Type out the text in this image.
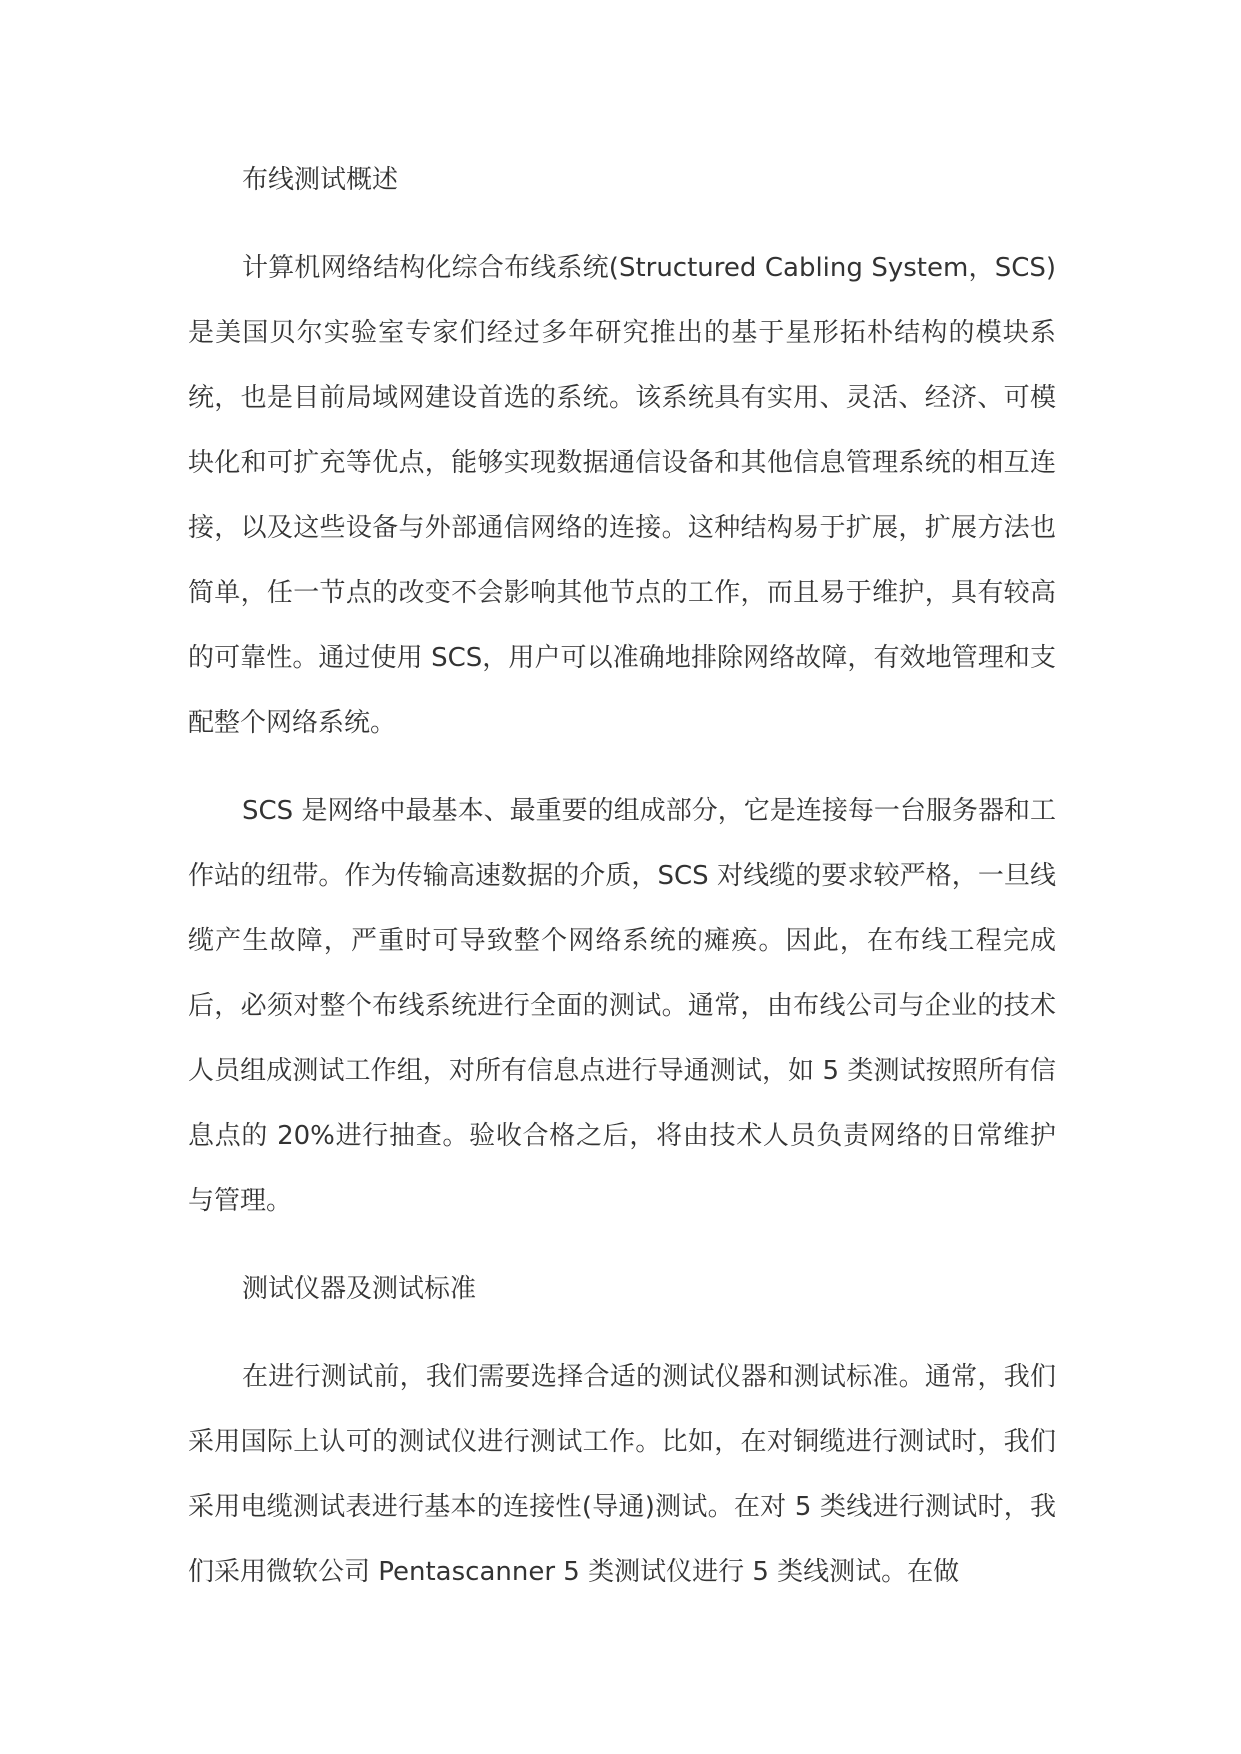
布线测试概述

计算机网络结构化综合布线系统(Structured Cabling System，SCS)是美国贝尔实验室专家们经过多年研究推出的基于星形拓朴结构的模块系统，也是目前局域网建设首选的系统。该系统具有实用、灵活、经济、可模块化和可扩充等优点，能够实现数据通信设备和其他信息管理系统的相互连接，以及这些设备与外部通信网络的连接。这种结构易于扩展，扩展方法也简单，任一节点的改变不会影响其他节点的工作，而且易于维护，具有较高的可靠性。通过使用 SCS，用户可以准确地排除网络故障，有效地管理和支配整个网络系统。

SCS 是网络中最基本、最重要的组成部分，它是连接每一台服务器和工作站的纽带。作为传输高速数据的介质，SCS 对线缆的要求较严格，一旦线缆产生故障，严重时可导致整个网络系统的瘫痪。因此，在布线工程完成后，必须对整个布线系统进行全面的测试。通常，由布线公司与企业的技术人员组成测试工作组，对所有信息点进行导通测试，如 5 类测试按照所有信息点的 20%进行抽查。验收合格之后，将由技术人员负责网络的日常维护与管理。

测试仪器及测试标准

在进行测试前，我们需要选择合适的测试仪器和测试标准。通常，我们采用国际上认可的测试仪进行测试工作。比如，在对铜缆进行测试时，我们采用电缆测试表进行基本的连接性(导通)测试。在对 5 类线进行测试时，我们采用微软公司 Pentascanner 5 类测试仪进行 5 类线测试。在做
